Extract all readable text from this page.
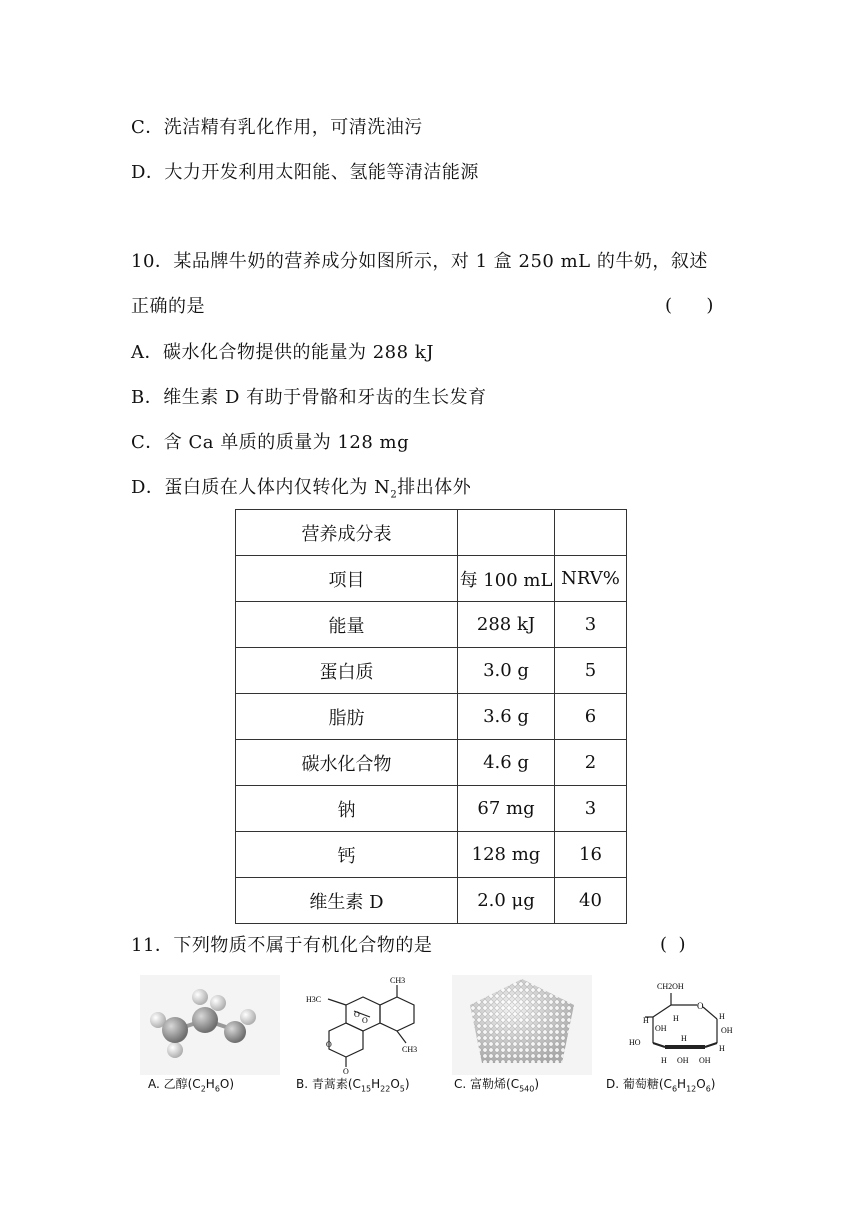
C．洗洁精有乳化作用，可清洗油污
D．大力开发利用太阳能、氢能等清洁能源
10．某品牌牛奶的营养成分如图所示，对 1 盒 250 mL 的牛奶，叙述
正确的是	(      )
A．碳水化合物提供的能量为 288 kJ
B．维生素 D 有助于骨骼和牙齿的生长发育
C．含 Ca 单质的质量为 128 mg
D．蛋白质在人体内仅转化为 $N_2$排出体外
营养成分表		
项目	每 100 mL	NRV%
能量	288 kJ	3
蛋白质	3.0 g	5
脂肪	3.6 g	6
碳水化合物	4.6 g	2
钠	67 mg	3
钙	128 mg	16
维生素 D	2.0 μg	40
11．下列物质不属于有机化合物的是	(  )
CH3
H3C
CH3
O
O
O
O
CH2OH
O
H
OH
OH
H
HO
H
H
H
OH OH
H
A. 乙醇$(C_2H_6O)$	B. 青蒿素$(C_{15}H_{22}O_5)$	C. 富勒烯$(C_{540})$	D. 葡萄糖$(C_6H_{12}O_6)$
